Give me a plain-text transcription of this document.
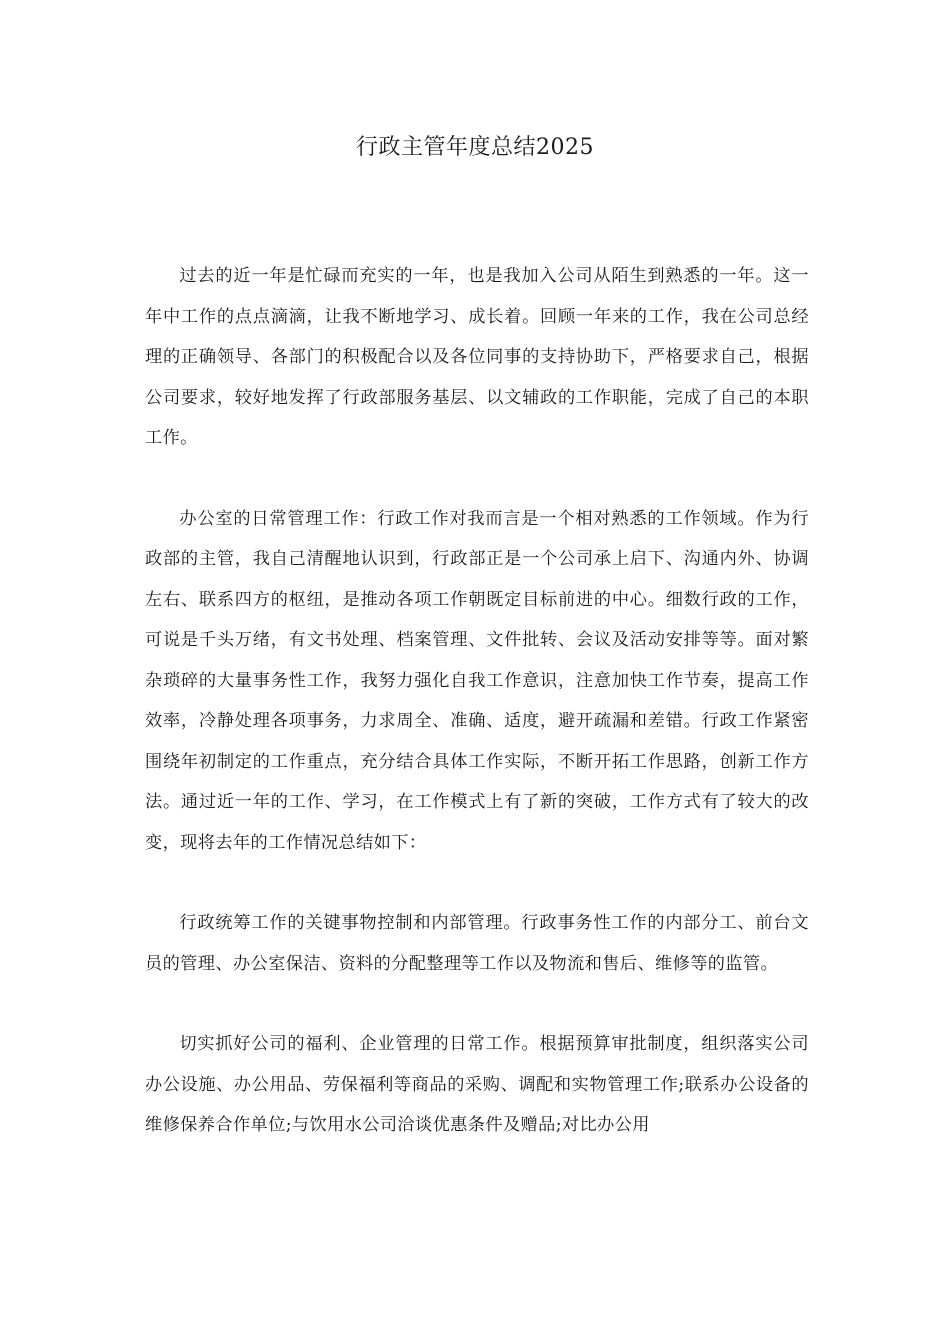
行政主管年度总结2025

过去的近一年是忙碌而充实的一年，也是我加入公司从陌生到熟悉的一年。这一年中工作的点点滴滴，让我不断地学习、成长着。回顾一年来的工作，我在公司总经理的正确领导、各部门的积极配合以及各位同事的支持协助下，严格要求自己，根据公司要求，较好地发挥了行政部服务基层、以文辅政的工作职能，完成了自己的本职工作。

办公室的日常管理工作：行政工作对我而言是一个相对熟悉的工作领域。作为行政部的主管，我自己清醒地认识到，行政部正是一个公司承上启下、沟通内外、协调左右、联系四方的枢纽，是推动各项工作朝既定目标前进的中心。细数行政的工作，可说是千头万绪，有文书处理、档案管理、文件批转、会议及活动安排等等。面对繁杂琐碎的大量事务性工作，我努力强化自我工作意识，注意加快工作节奏，提高工作效率，冷静处理各项事务，力求周全、准确、适度，避开疏漏和差错。行政工作紧密围绕年初制定的工作重点，充分结合具体工作实际，不断开拓工作思路，创新工作方法。通过近一年的工作、学习，在工作模式上有了新的突破，工作方式有了较大的改变，现将去年的工作情况总结如下：

行政统筹工作的关键事物控制和内部管理。行政事务性工作的内部分工、前台文员的管理、办公室保洁、资料的分配整理等工作以及物流和售后、维修等的监管。

切实抓好公司的福利、企业管理的日常工作。根据预算审批制度，组织落实公司办公设施、办公用品、劳保福利等商品的采购、调配和实物管理工作;联系办公设备的维修保养合作单位;与饮用水公司洽谈优惠条件及赠品;对比办公用
